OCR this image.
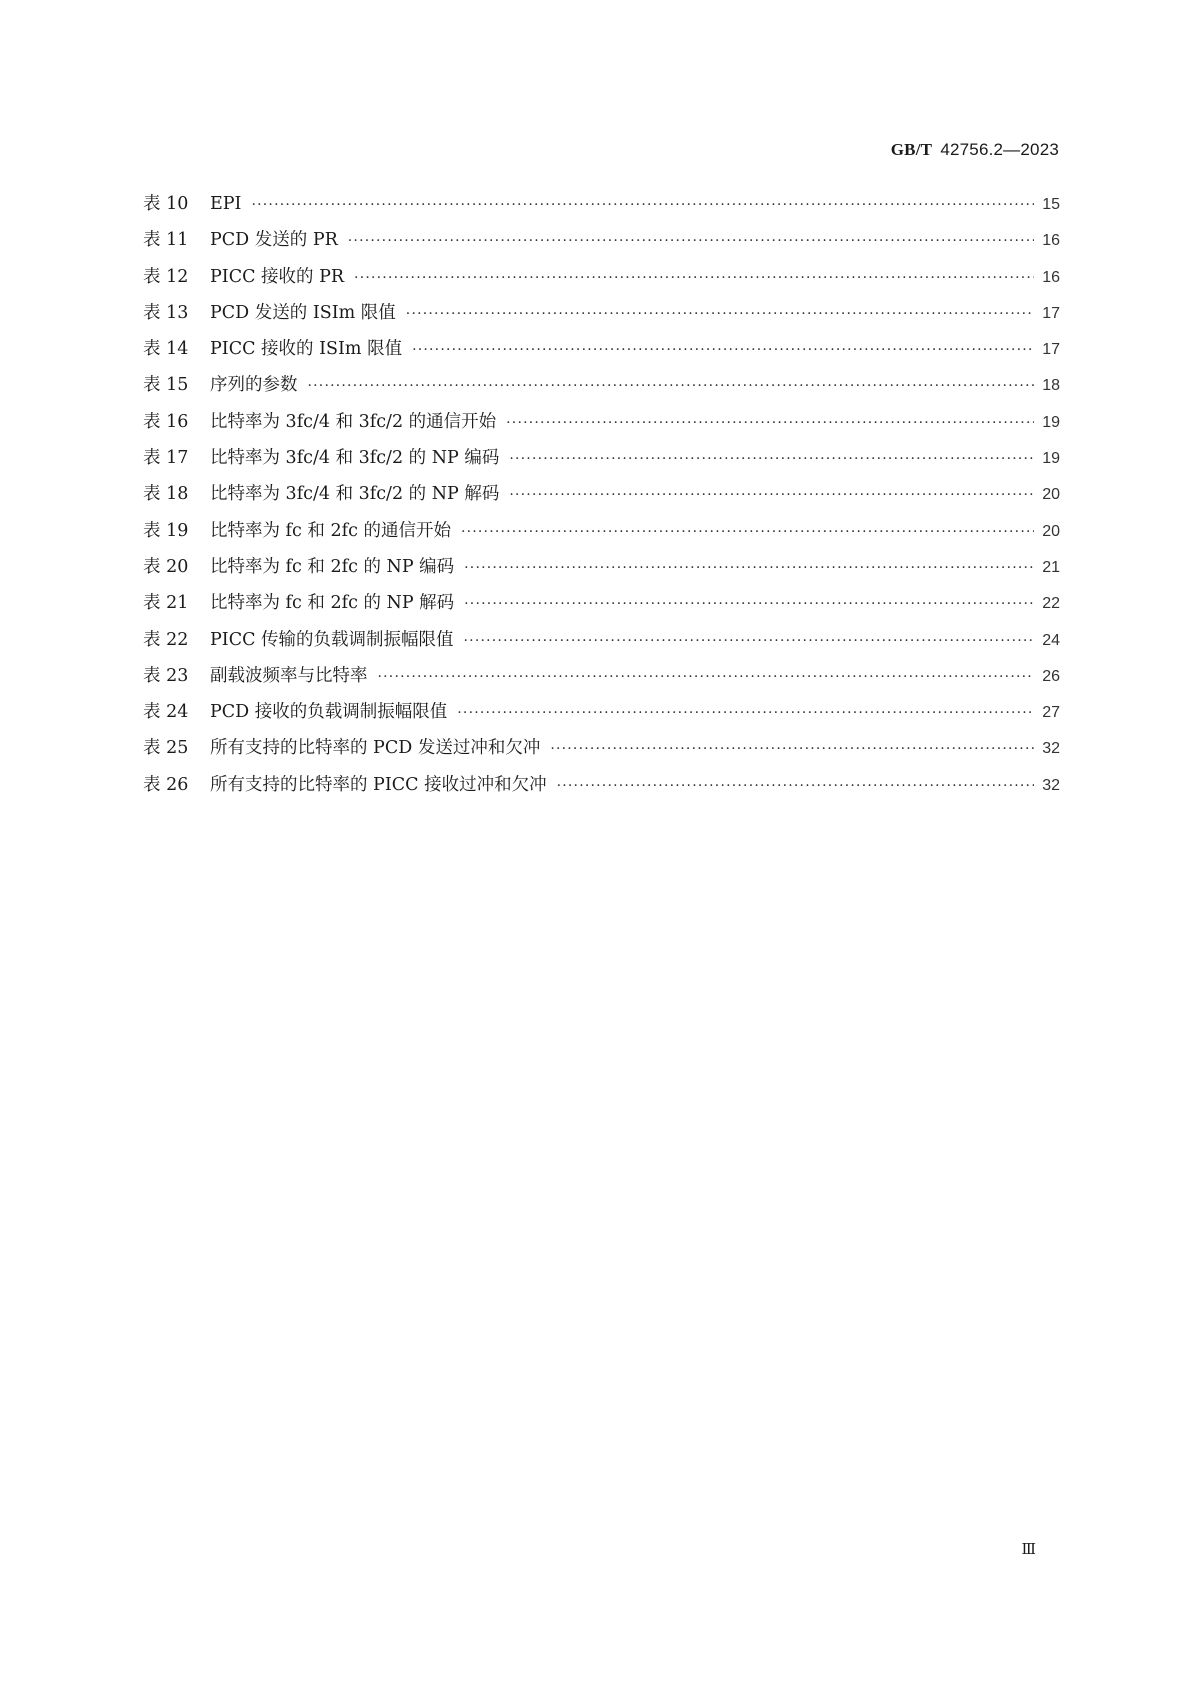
GB/T 42756.2—2023
表 10	EPI ·····	15
表 11	PCD 发送的 PR ·····	16
表 12	PICC 接收的 PR ·····	16
表 13	PCD 发送的 ISIm 限值 ·····	17
表 14	PICC 接收的 ISIm 限值 ·····	17
表 15	序列的参数 ·····	18
表 16	比特率为 3fc/4 和 3fc/2 的通信开始 ·····	19
表 17	比特率为 3fc/4 和 3fc/2 的 NP 编码 ·····	19
表 18	比特率为 3fc/4 和 3fc/2 的 NP 解码 ·····	20
表 19	比特率为 fc 和 2fc 的通信开始 ·····	20
表 20	比特率为 fc 和 2fc 的 NP 编码 ·····	21
表 21	比特率为 fc 和 2fc 的 NP 解码 ·····	22
表 22	PICC 传输的负载调制振幅限值 ·····	24
表 23	副载波频率与比特率 ·····	26
表 24	PCD 接收的负载调制振幅限值 ·····	27
表 25	所有支持的比特率的 PCD 发送过冲和欠冲 ·····	32
表 26	所有支持的比特率的 PICC 接收过冲和欠冲 ·····	32
Ⅲ
